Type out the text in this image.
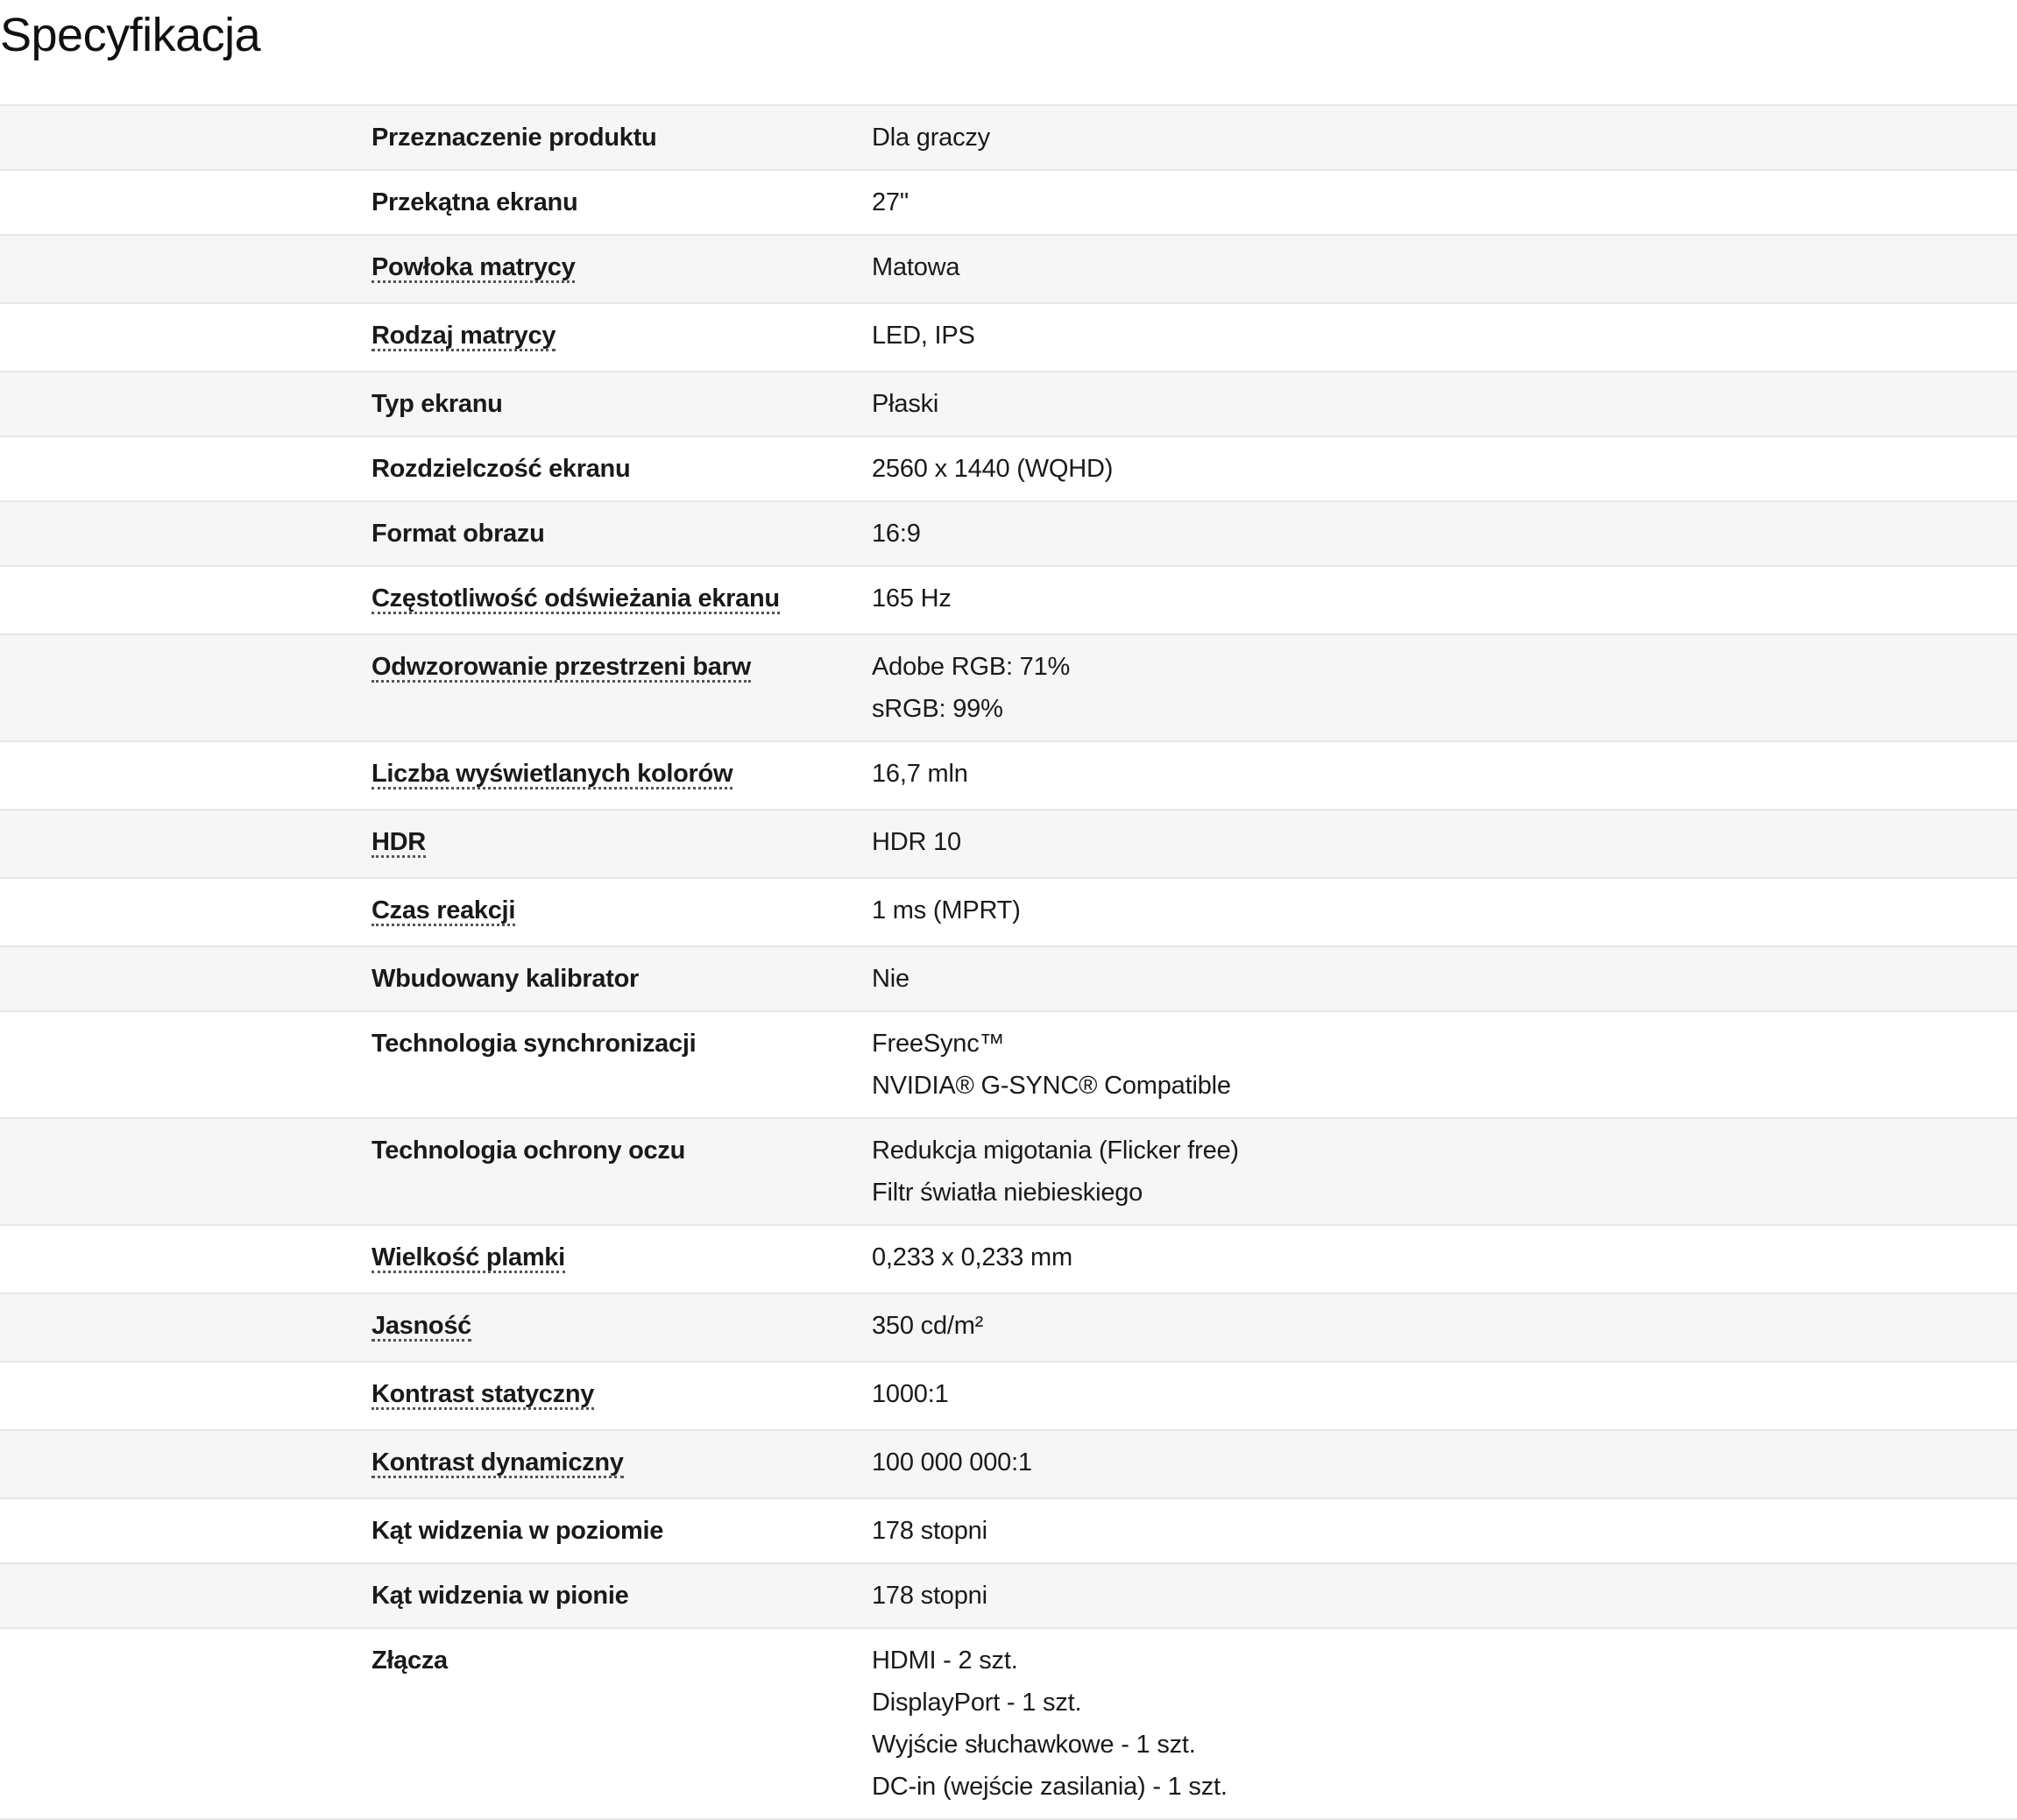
Specyfikacja
Przeznaczenie produktu	Dla graczy
Przekątna ekranu	27"
Powłoka matrycy	Matowa
Rodzaj matrycy	LED, IPS
Typ ekranu	Płaski
Rozdzielczość ekranu	2560 x 1440 (WQHD)
Format obrazu	16:9
Częstotliwość odświeżania ekranu	165 Hz
Odwzorowanie przestrzeni barw	Adobe RGB: 71%
sRGB: 99%
Liczba wyświetlanych kolorów	16,7 mln
HDR	HDR 10
Czas reakcji	1 ms (MPRT)
Wbudowany kalibrator	Nie
Technologia synchronizacji	FreeSync™
NVIDIA® G-SYNC® Compatible
Technologia ochrony oczu	Redukcja migotania (Flicker free)
Filtr światła niebieskiego
Wielkość plamki	0,233 x 0,233 mm
Jasność	350 cd/m²
Kontrast statyczny	1000:1
Kontrast dynamiczny	100 000 000:1
Kąt widzenia w poziomie	178 stopni
Kąt widzenia w pionie	178 stopni
Złącza	HDMI - 2 szt.
DisplayPort - 1 szt.
Wyjście słuchawkowe - 1 szt.
DC-in (wejście zasilania) - 1 szt.
